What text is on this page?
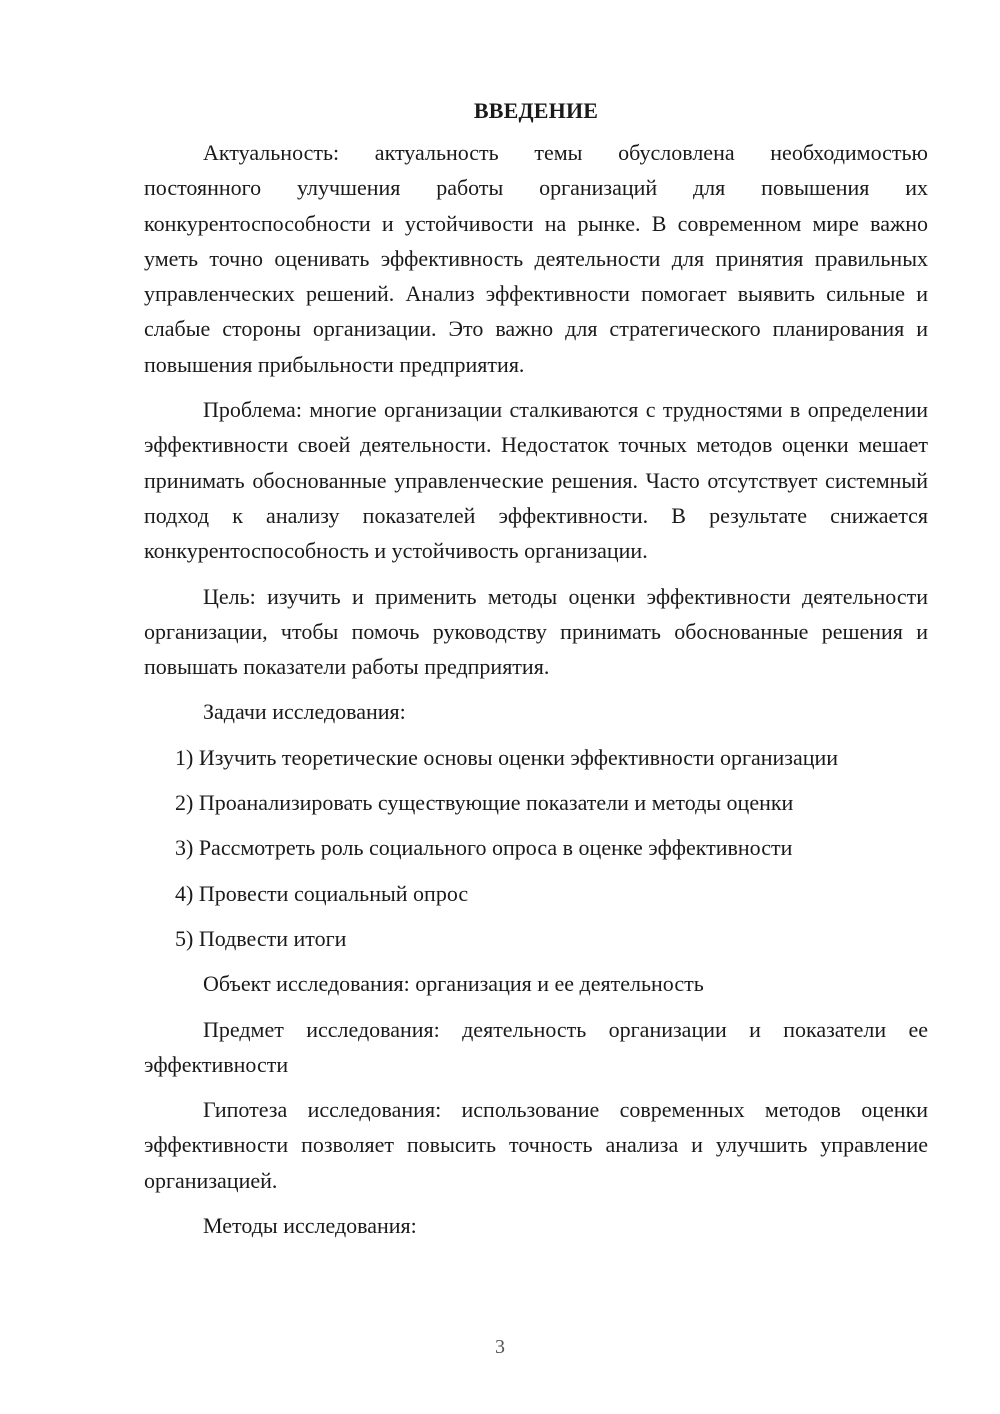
ВВЕДЕНИЕ

Актуальность: актуальность темы обусловлена необходимостью постоянного улучшения работы организаций для повышения их конкурентоспособности и устойчивости на рынке. В современном мире важно уметь точно оценивать эффективность деятельности для принятия правильных управленческих решений. Анализ эффективности помогает выявить сильные и слабые стороны организации. Это важно для стратегического планирования и повышения прибыльности предприятия.

Проблема: многие организации сталкиваются с трудностями в определении эффективности своей деятельности. Недостаток точных методов оценки мешает принимать обоснованные управленческие решения. Часто отсутствует системный подход к анализу показателей эффективности. В результате снижается конкурентоспособность и устойчивость организации.

Цель: изучить и применить методы оценки эффективности деятельности организации, чтобы помочь руководству принимать обоснованные решения и повышать показатели работы предприятия.

Задачи исследования:

1) Изучить теоретические основы оценки эффективности организации
2) Проанализировать существующие показатели и методы оценки
3) Рассмотреть роль социального опроса в оценке эффективности
4) Провести социальный опрос
5) Подвести итоги

Объект исследования: организация и ее деятельность

Предмет исследования: деятельность организации и показатели ее эффективности

Гипотеза исследования: использование современных методов оценки эффективности позволяет повысить точность анализа и улучшить управление организацией.

Методы исследования:

3
